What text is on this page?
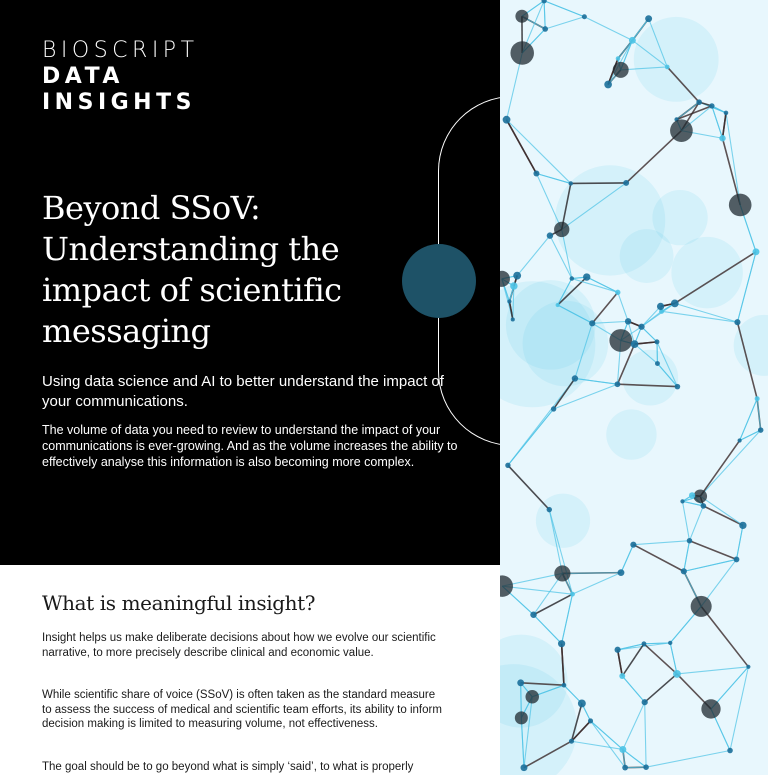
BIOSCRIPT
DATA
INSIGHTS
Beyond SSoV: Understanding the impact of scientific messaging

Using data science and AI to better understand the impact of your communications.

The volume of data you need to review to understand the impact of your communications is ever-growing. And as the volume increases the ability to effectively analyse this information is also becoming more complex.

What is meaningful insight?

Insight helps us make deliberate decisions about how we evolve our scientific narrative, to more precisely describe clinical and economic value.

While scientific share of voice (SSoV) is often taken as the standard measure to assess the success of medical and scientific team efforts, its ability to inform decision making is limited to measuring volume, not effectiveness.

The goal should be to go beyond what is simply ‘said’, to what is properly
